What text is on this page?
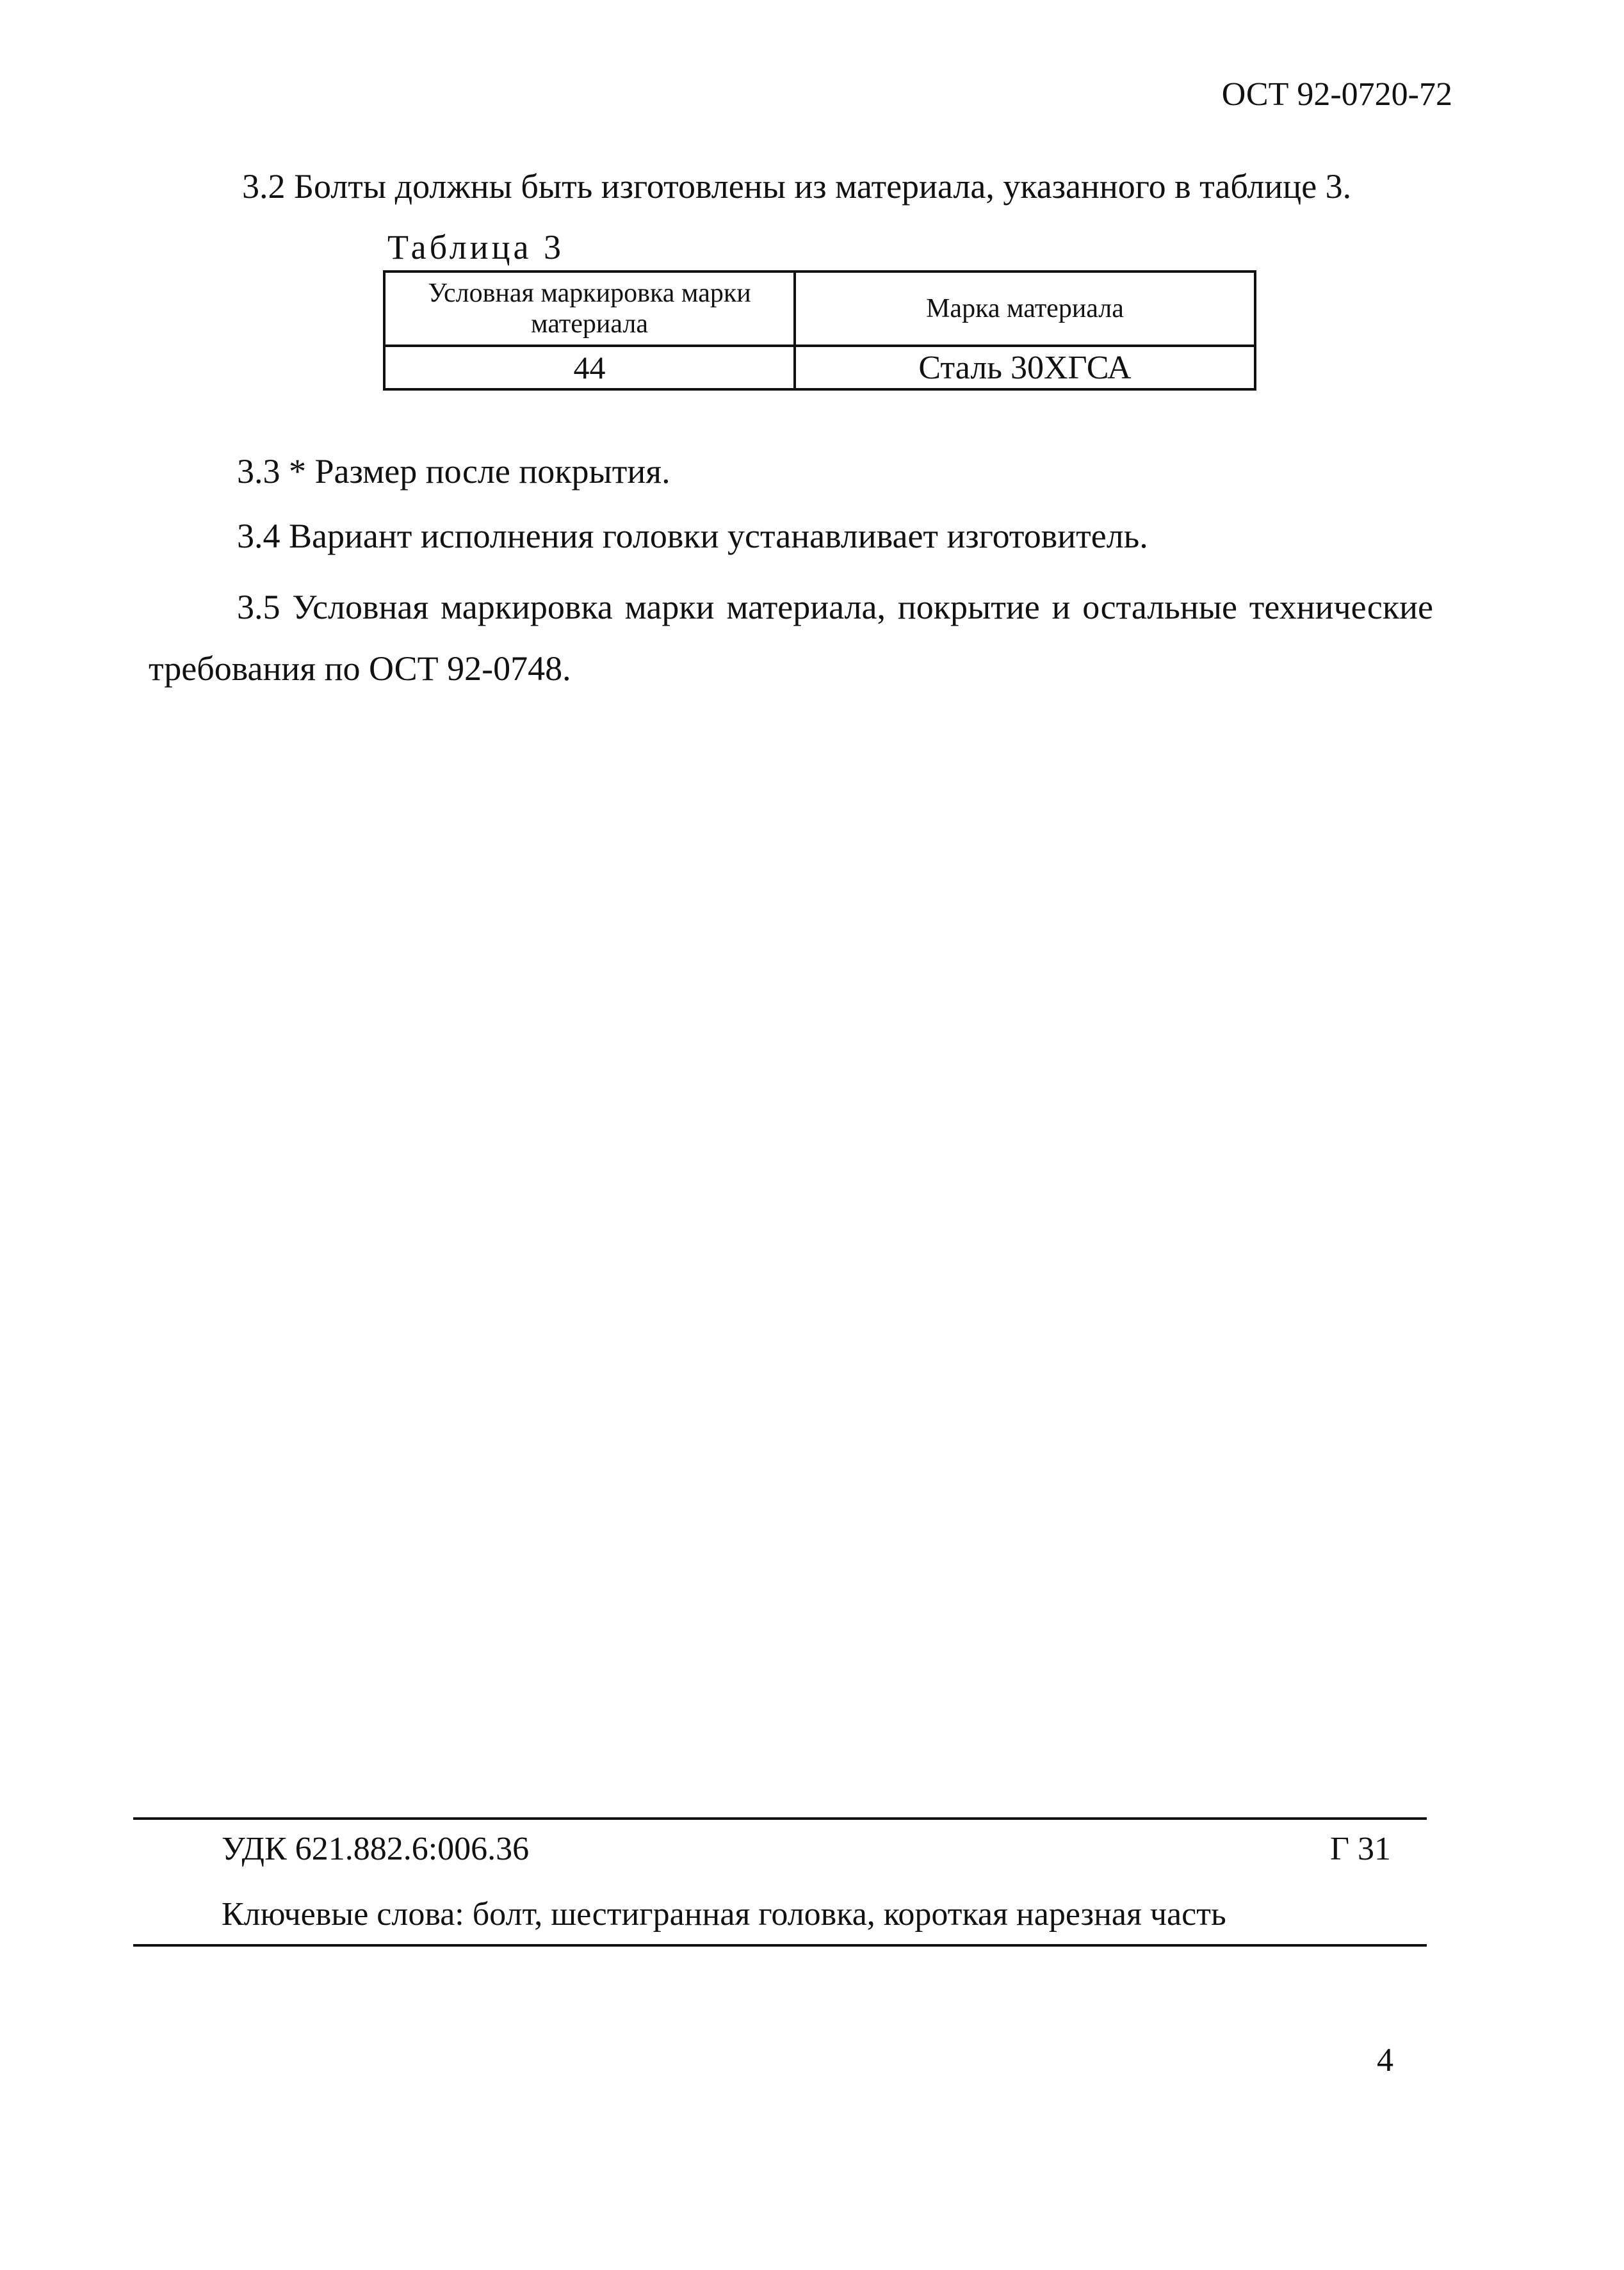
ОСТ 92-0720-72
3.2 Болты должны быть изготовлены из материала, указанного в таблице 3.
Таблица 3
Условная маркировка марки материала
Марка материала
44	Сталь 30ХГСА
3.3 * Размер после покрытия.
3.4 Вариант исполнения головки устанавливает изготовитель.
3.5 Условная маркировка марки материала, покрытие и остальные технические требования по ОСТ 92-0748.
УДК 621.882.6:006.36	Г 31
Ключевые слова: болт, шестигранная головка, короткая нарезная часть
4
